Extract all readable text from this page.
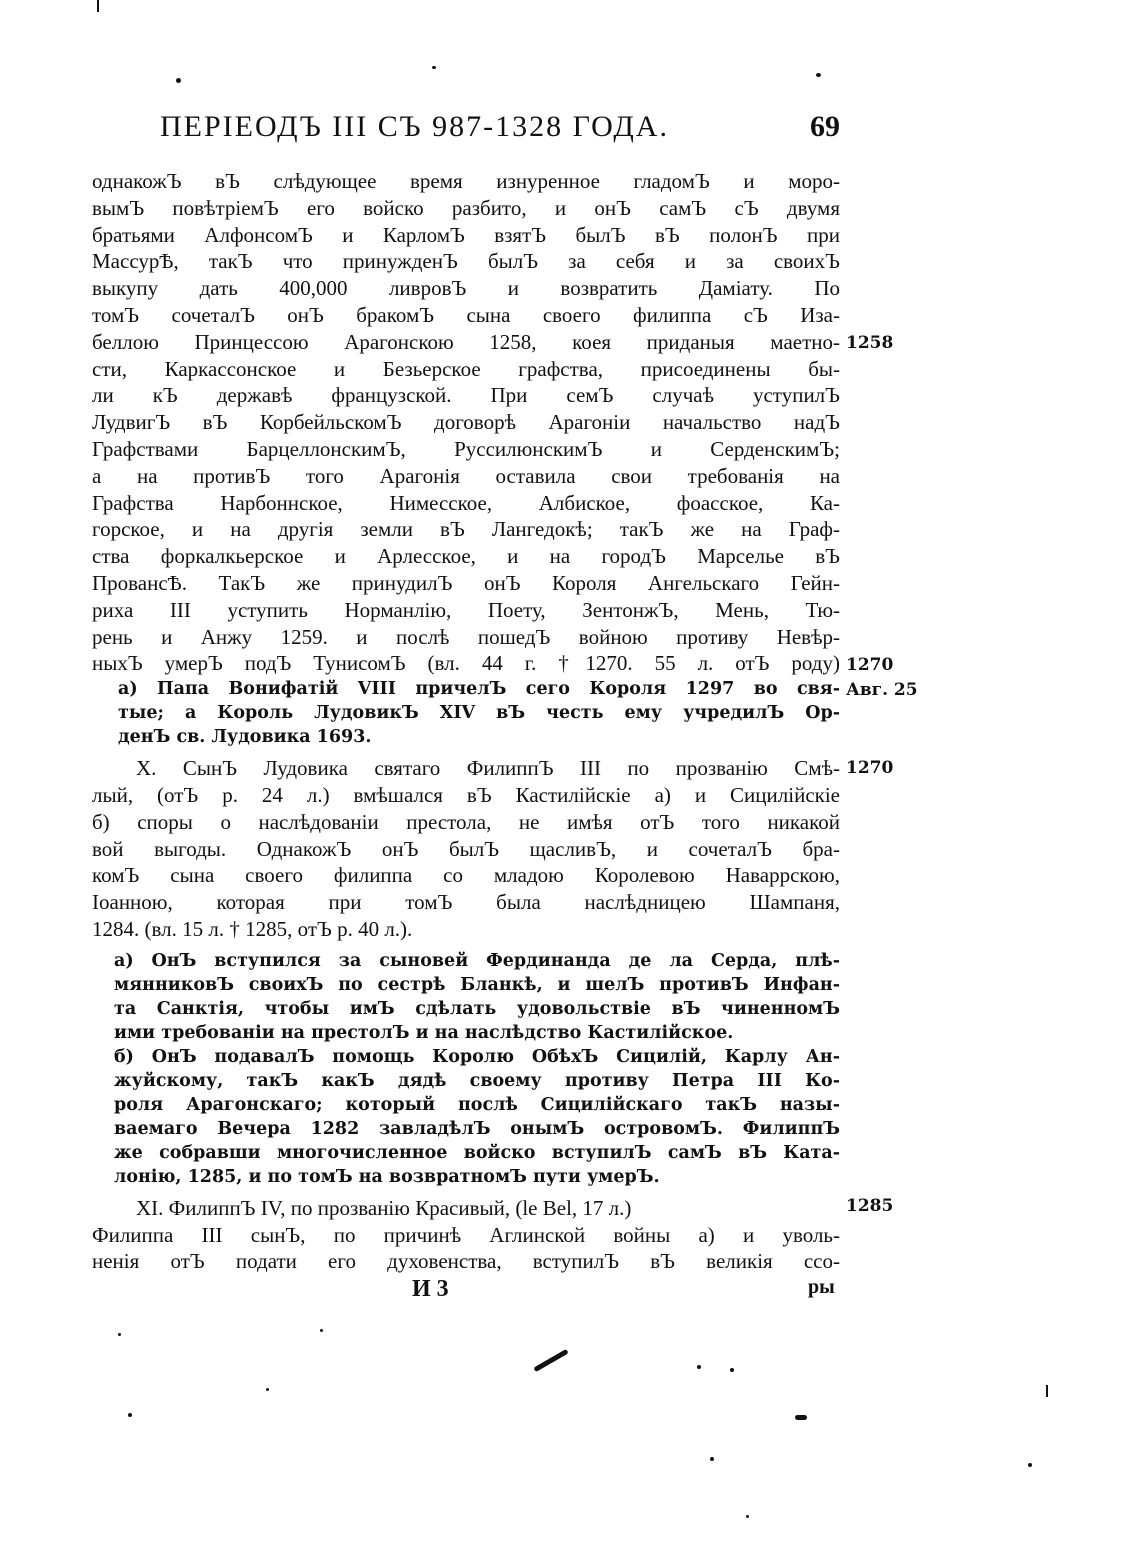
ПЕРІЕОДЪ III СЪ 987-1328 ГОДА.	69
однакожЪ вЪ слѣдующее время изнуренное гладомЪ и моро-
вымЪ повѣтріемЪ его войско разбито, и онЪ самЪ сЪ двумя
братьями АлфонсомЪ и КарломЪ взятЪ былЪ вЪ полонЪ при
МассурѢ, такЪ что принужденЪ былЪ за себя и за своихЪ
выкупу дать 400,000 ливровЪ и возвратить Даміату. По
томЪ сочеталЪ онЪ бракомЪ сына своего филиппа сЪ Иза-
беллою Принцессою Арагонскою 1258, коея приданыя маетно-
сти, Каркассонское и Безьерское графства, присоединены бы-
ли кЪ державѣ французской. При семЪ случаѣ уступилЪ
ЛудвигЪ вЪ КорбейльскомЪ договорѣ Арагоніи начальство надЪ
Графствами БарцеллонскимЪ, РуссилюнскимЪ и СерденскимЪ;
а на противЪ того Арагонія оставила свои требованія на
Графства Нарбоннское, Нимесское, Албиское, фоасское, Ка-
горское, и на другія земли вЪ Лангедокѣ; такЪ же на Граф-
ства форкалкьерское и Арлесское, и на городЪ Марселье вЪ
ПровансѢ. ТакЪ же принудилЪ онЪ Короля Ангельскаго Гейн-
риха III уступить Норманлію, Поету, ЗентонжЪ, Мень, Тю-
рень и Анжу 1259. и послѣ пошедЪ войною противу Невѣр-
ныхЪ умерЪ подЪ ТунисомЪ (вл. 44 г. †1270. 55 л. отЪ роду)
а) Папа Вонифатій VIII причелЪ сего Короля 1297 во свя-
тые; а Король ЛудовикЪ XIV вЪ честь ему учредилЪ Ор-
денЪ св. Лудовика 1693.
X. СынЪ Лудовика святаго ФилиппЪ III по прозванію Смѣ-
лый, (отЪ р. 24 л.) вмѣшался вЪ Кастилійскіе а) и Сицилійскіе
б) споры о наслѣдованіи престола, не имѣя отЪ того никакой
вой выгоды. ОднакожЪ онЪ былЪ щасливЪ, и сочеталЪ бра-
комЪ сына своего филиппа со младою Королевою Наваррскою,
Іоанною, которая при томЪ была наслѣдницею Шампаня,
1284. (вл. 15 л. † 1285, отЪ р. 40 л.).
а) ОнЪ вступился за сыновей Фердинанда де ла Серда, плѣ-
мянниковЪ своихЪ по сестрѣ Бланкѣ, и шелЪ противЪ Инфан-
та Санктія, чтобы имЪ сдѣлать удовольствіе вЪ чиненномЪ
ими требованіи на престолЪ и на наслѣдство Кастилійское.
б) ОнЪ подавалЪ помощь Королю ОбѣхЪ Сицилій, Карлу Ан-
жуйскому, такЪ какЪ дядѣ своему противу Петра III Ко-
роля Арагонскаго; который послѣ Сицилійскаго такЪ назы-
ваемаго Вечера 1282 завладѣлЪ онымЪ островомЪ. ФилиппЪ
же собравши многочисленное войско вступилЪ самЪ вЪ Ката-
лонію, 1285, и по томЪ на возвратномЪ пути умерЪ.
XI. ФилиппЪ IV, по прозванію Красивый, (le Bel, 17 л.)
Филиппа III сынЪ, по причинѣ Аглинской войны а) и уволь-
ненія отЪ подати его духовенства, вступилЪ вЪ великія ссо-
1258
1270
Авг. 25
1270
1285
И 3	ры
